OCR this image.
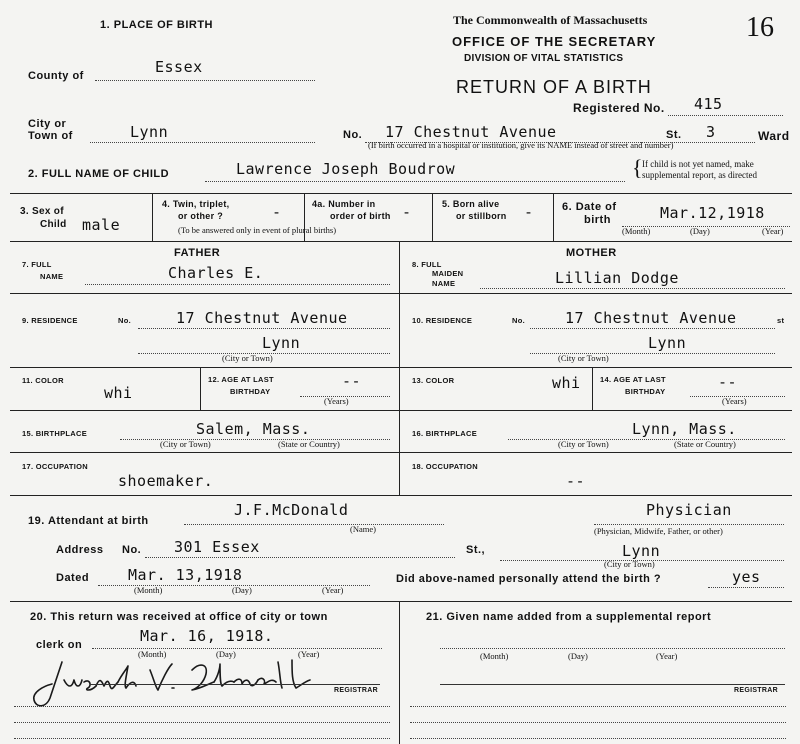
1. PLACE OF BIRTH	The Commonwealth of Massachusetts
OFFICE OF THE SECRETARY
DIVISION OF VITAL STATISTICS
RETURN OF A BIRTH
16
Registered No. 415
County of	Essex
City or
Town of	Lynn	No. 17 Chestnut Avenue	St. 3	Ward
(If birth occurred in a hospital or institution, give its NAME instead of street and number)
2. FULL NAME OF CHILD	Lawrence Joseph Boudrow	{ If child is not yet named, make
supplemental report, as directed
3. Sex of
Child male
4. Twin, triplet,
or other ?	-	4a. Number in
order of birth -
(To be answered only in event of plural births)
5. Born alive
or stillborn -	6. Date of
birth	Mar.12,1918
(Month)	(Day)	(Year)
FATHER
7. FULL
NAME	Charles E.
9. RESIDENCE	No.	17 Chestnut Avenue
Lynn
(City or Town)
11. COLOR
whi
12. AGE AT LAST
BIRTHDAY
--
(Years)
15. BIRTHPLACE	Salem, Mass.
(City or Town)	(State or Country)
17. OCCUPATION
shoemaker.
MOTHER
8. FULL
MAIDEN
NAME	Lillian Dodge
10. RESIDENCE	No.	17 Chestnut Avenue	st
Lynn
(City or Town)
13. COLOR	whi	14. AGE AT LAST
BIRTHDAY
--
(Years)
16. BIRTHPLACE	Lynn, Mass.
(City or Town)	(State or Country)
18. OCCUPATION
--
19. Attendant at birth
J.F.McDonald
(Name)
Physician
(Physician, Midwife, Father, or other)
Address No. 301 Essex	St.,	Lynn
(City or Town)
Dated	Mar. 13,1918
(Month)	(Day)	(Year)
Did above-named personally attend the birth ?	yes
20. This return was received at office of city or town
clerk on	Mar. 16, 1918.
(Month)	(Day)	(Year)
REGISTRAR
21. Given name added from a supplemental report
(Month)	(Day)	(Year)
REGISTRAR
